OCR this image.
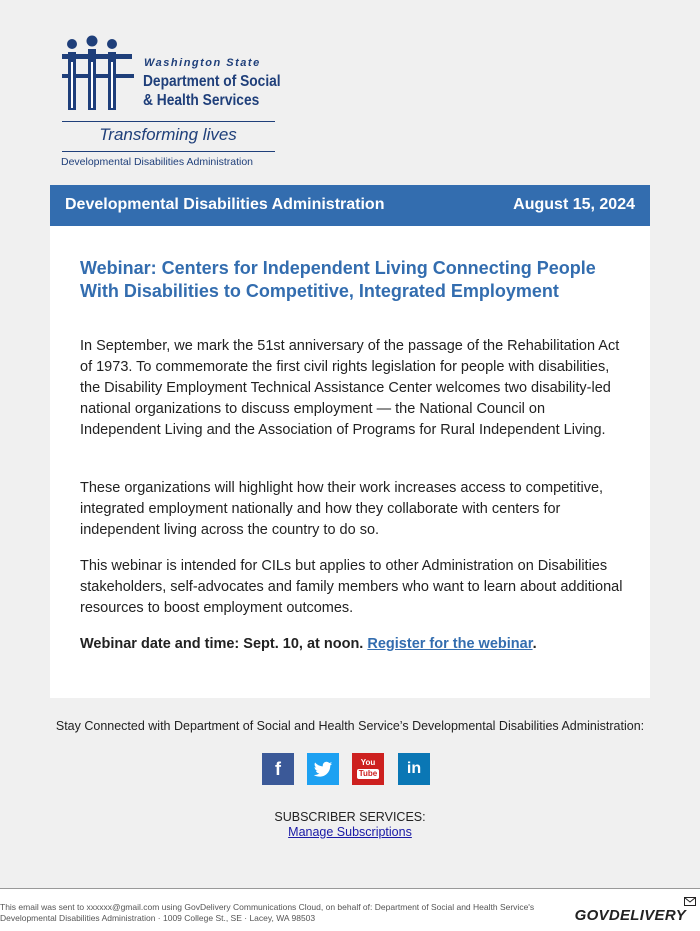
Washington State
Department of Social
& Health Services
Transforming lives
Developmental Disabilities Administration
Developmental Disabilities Administration	August 15, 2024
Webinar: Centers for Independent Living Connecting People With Disabilities to Competitive, Integrated Employment

In September, we mark the 51st anniversary of the passage of the Rehabilitation Act of 1973. To commemorate the first civil rights legislation for people with disabilities, the Disability Employment Technical Assistance Center welcomes two disability-led national organizations to discuss employment — the National Council on Independent Living and the Association of Programs for Rural Independent Living.

These organizations will highlight how their work increases access to competitive, integrated employment nationally and how they collaborate with centers for independent living across the country to do so.

This webinar is intended for CILs but applies to other Administration on Disabilities stakeholders, self-advocates and family members who want to learn about additional resources to boost employment outcomes.

Webinar date and time: Sept. 10, at noon. Register for the webinar.

Stay Connected with Department of Social and Health Service’s Developmental Disabilities Administration:
f	You
Tube	in
SUBSCRIBER SERVICES:
Manage Subscriptions
This email was sent to xxxxxx@gmail.com using GovDelivery Communications Cloud, on behalf of: Department of Social and Health Service's Developmental Disabilities Administration · 1009 College St., SE · Lacey, WA 98503	GOVDELIVERY
